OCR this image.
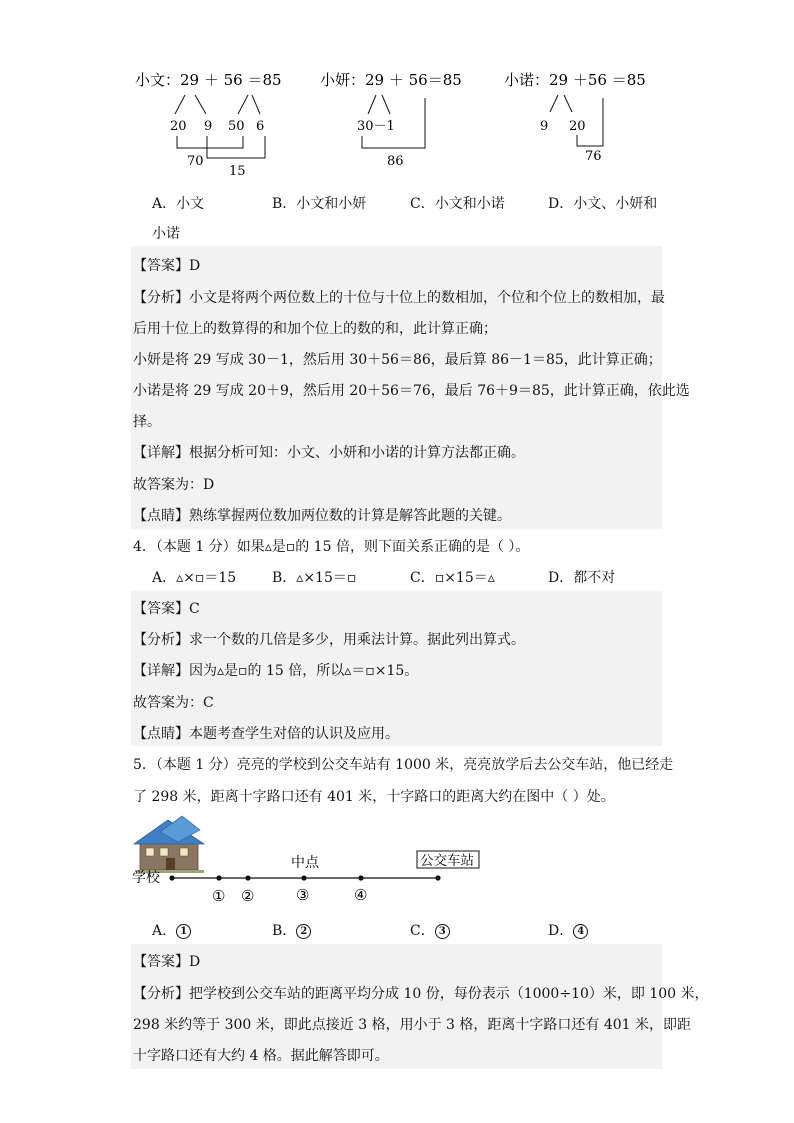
小文：29 ＋ 56 ＝85
20 9 50 6
70
15
小妍：29 ＋ 56＝85
30－1
86
小诺：29 ＋56 ＝85
9 20
76
A．小文	B．小文和小妍	C．小文和小诺	D．小文、小妍和
小诺
【答案】D
【分析】小文是将两个两位数上的十位与十位上的数相加，个位和个位上的数相加，最
后用十位上的数算得的和加个位上的数的和，此计算正确；
小妍是将 29 写成 30－1，然后用 30＋56＝86，最后算 86－1＝85，此计算正确；
小诺是将 29 写成 20＋9，然后用 20＋56＝76，最后 76＋9＝85，此计算正确，依此选
择。
【详解】根据分析可知：小文、小妍和小诺的计算方法都正确。
故答案为：D
【点睛】熟练掌握两位数加两位数的计算是解答此题的关键。
4．（本题 1 分）如果▵是▫的 15 倍，则下面关系正确的是（ ）。
A．▵×▫＝15	B．▵×15＝▫	C．▫×15＝▵	D．都不对
【答案】C
【分析】求一个数的几倍是多少，用乘法计算。据此列出算式。
【详解】因为▵是▫的 15 倍，所以▵＝▫×15。
故答案为：C
【点睛】本题考查学生对倍的认识及应用。
5．（本题 1 分）亮亮的学校到公交车站有 1000 米，亮亮放学后去公交车站，他已经走
了 298 米，距离十字路口还有 401 米，十字路口的距离大约在图中（ ）处。
学校
中点	公交车站
① ②	③	④
A． 1	B． 2	C． 3	D． 4
【答案】D
【分析】把学校到公交车站的距离平均分成 10 份，每份表示（1000÷10）米，即 100 米，
298 米约等于 300 米，即此点接近 3 格，用小于 3 格，距离十字路口还有 401 米，即距
十字路口还有大约 4 格。据此解答即可。
